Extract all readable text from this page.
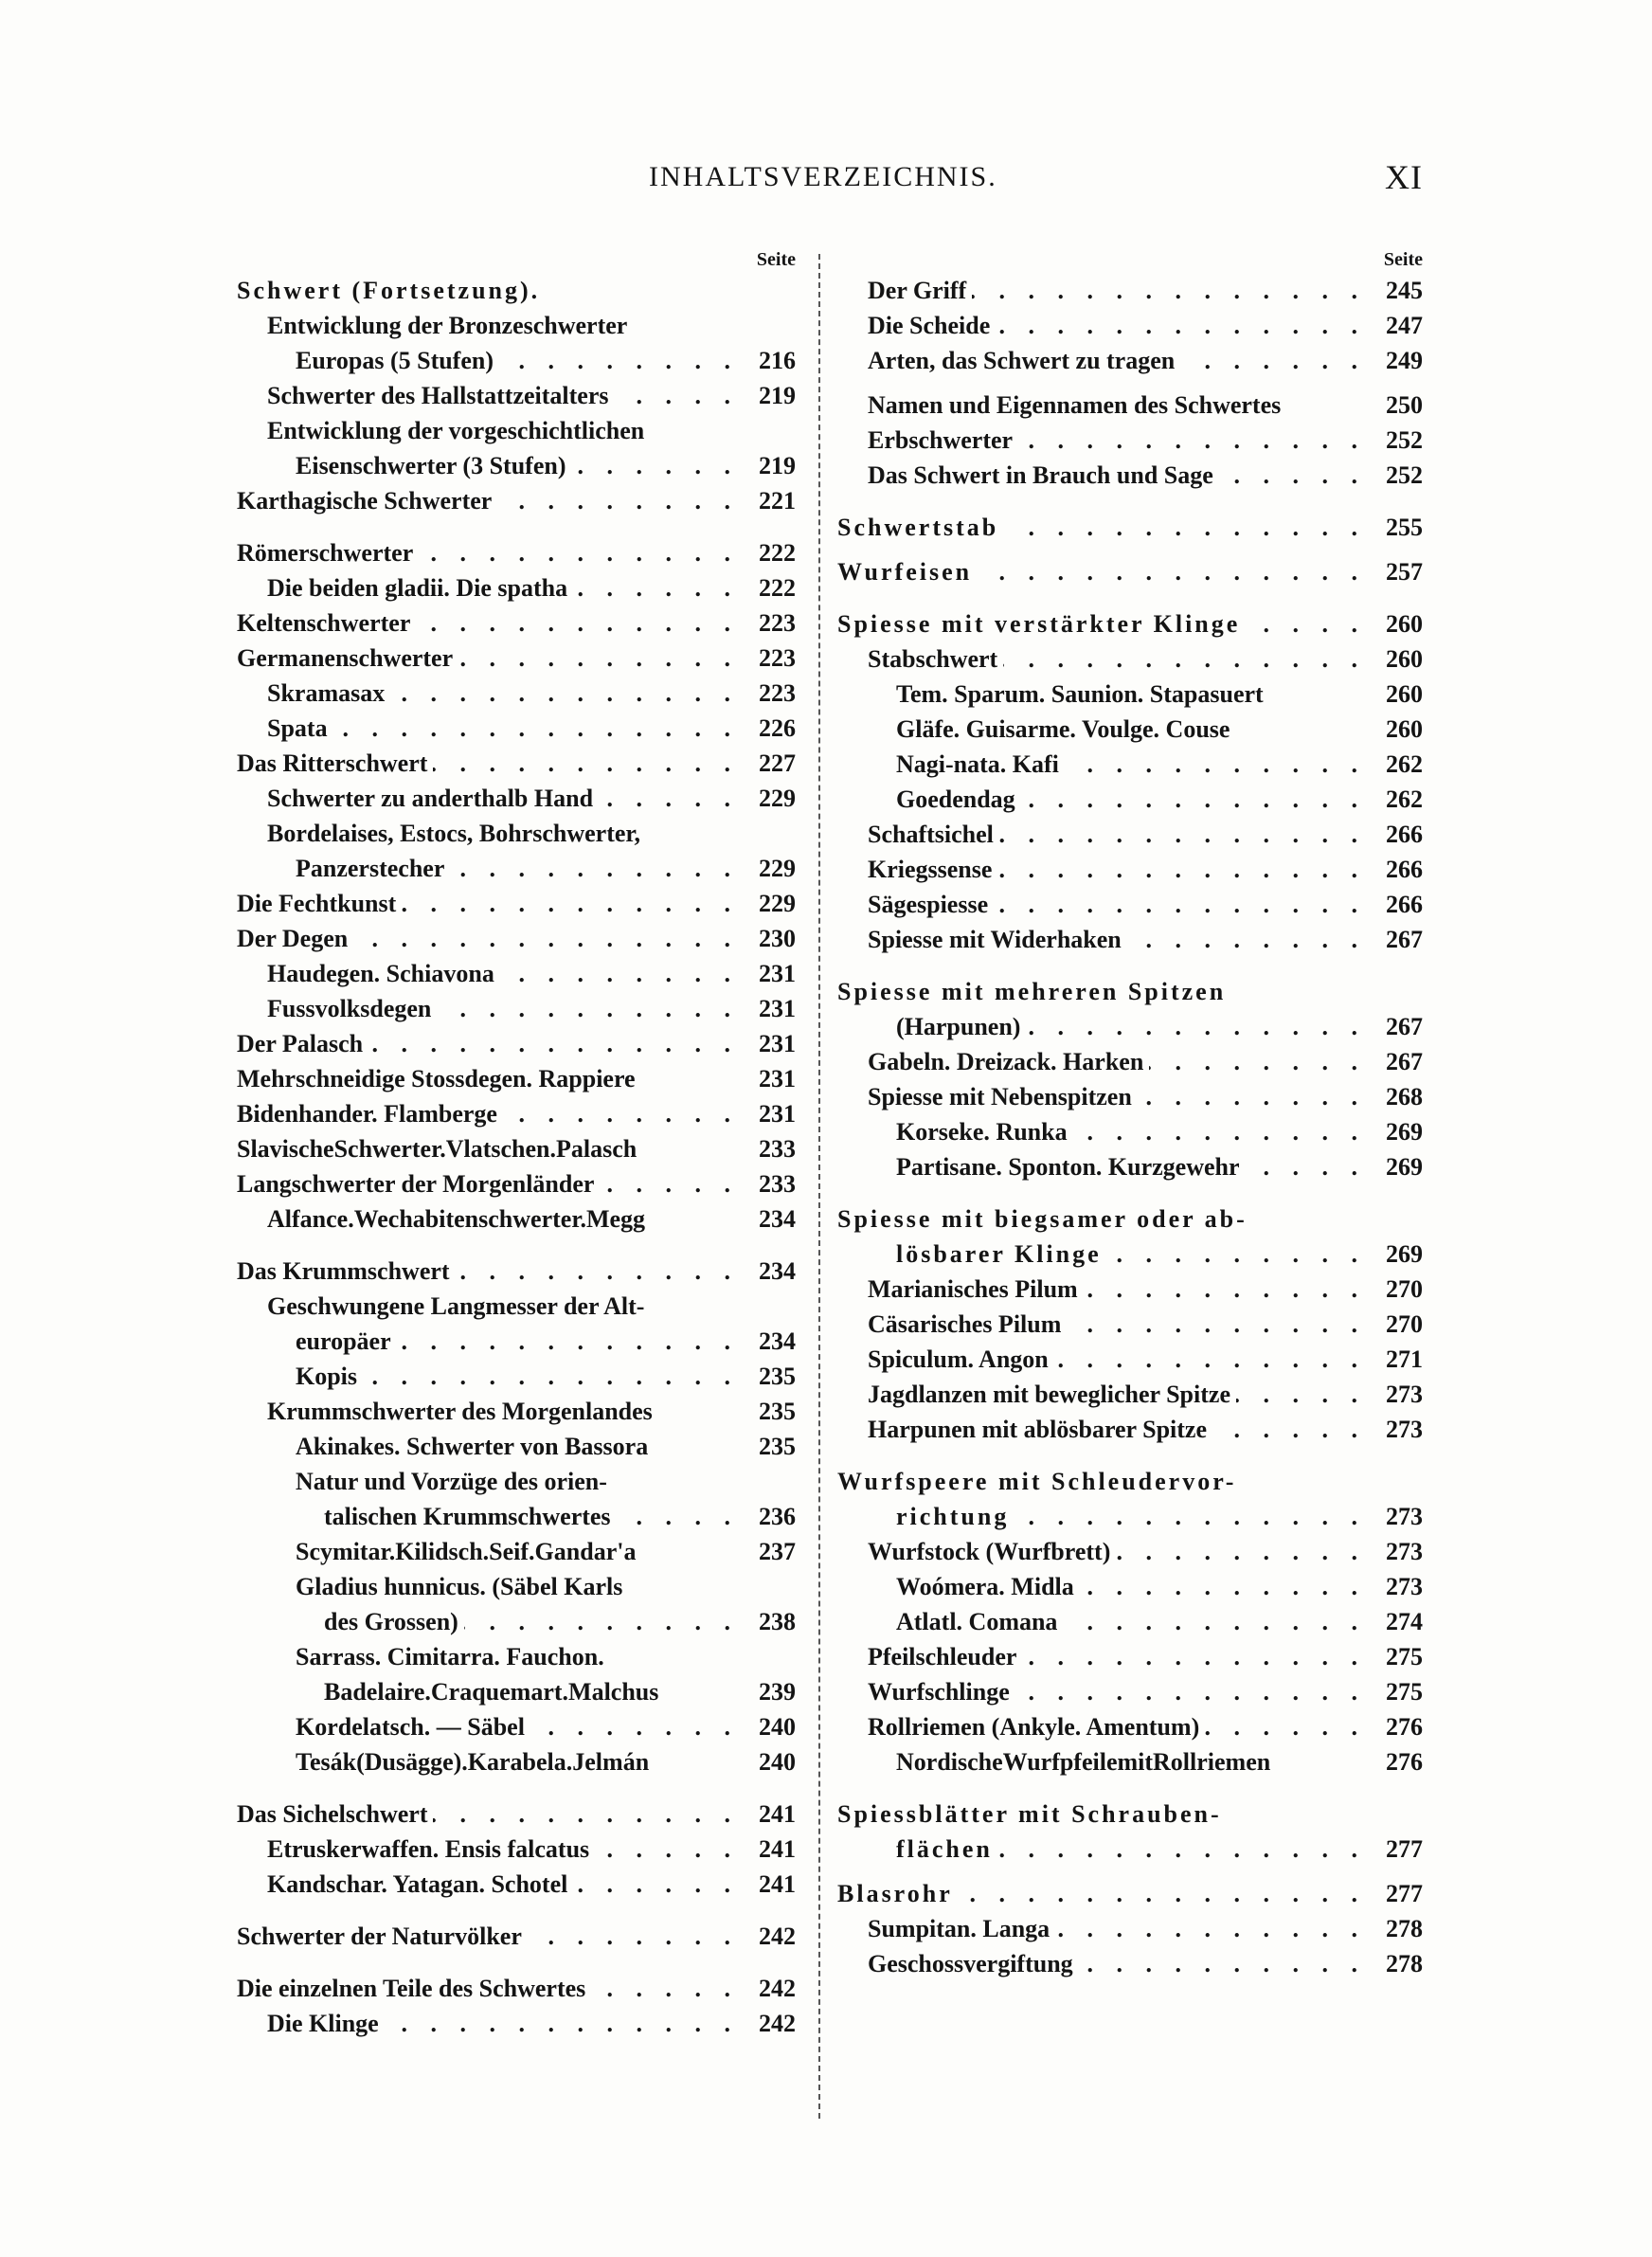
INHALTSVERZEICHNIS.	XI
Seite
Schwert (Fortsetzung).
Entwicklung der Bronzeschwerter
Europas (5 Stufen) . . .	216
Schwerter des Hallstattzeitalters . . .	219
Entwicklung der vorgeschichtlichen
Eisenschwerter (3 Stufen) . . .	219
Karthagische Schwerter . . .	221
Römerschwerter . . .	222
Die beiden gladii. Die spatha . . .	222
Keltenschwerter . . .	223
Germanenschwerter . . .	223
Skramasax . . .	223
Spata . . .	226
Das Ritterschwert . . .	227
Schwerter zu anderthalb Hand . . .	229
Bordelaises, Estocs, Bohrschwerter,
Panzerstecher . . .	229
Die Fechtkunst . . .	229
Der Degen . . .	230
Haudegen. Schiavona . . .	231
Fussvolksdegen . . .	231
Der Palasch . . .	231
Mehrschneidige Stossdegen. Rappiere	231
Bidenhander. Flamberge . . .	231
SlavischeSchwerter.Vlatschen.Palasch	233
Langschwerter der Morgenländer . . .	233
Alfance.Wechabitenschwerter.Megg	234
Das Krummschwert . . .	234
Geschwungene Langmesser der Alt-
europäer . . .	234
Kopis . . .	235
Krummschwerter des Morgenlandes	235
Akinakes. Schwerter von Bassora	235
Natur und Vorzüge des orien-
talischen Krummschwertes . . .	236
Scymitar.Kilidsch.Seif.Gandar'a	237
Gladius hunnicus. (Säbel Karls
des Grossen) . . .	238
Sarrass. Cimitarra. Fauchon.
Badelaire.Craquemart.Malchus	239
Kordelatsch. — Säbel . . .	240
Tesák(Dusägge).Karabela.Jelmán	240
Das Sichelschwert . . .	241
Etruskerwaffen. Ensis falcatus . . .	241
Kandschar. Yatagan. Schotel . . .	241
Schwerter der Naturvölker . . .	242
Die einzelnen Teile des Schwertes . . .	242
Die Klinge . . .	242
Seite
Der Griff . . .	245
Die Scheide . . .	247
Arten, das Schwert zu tragen . . .	249
Namen und Eigennamen des Schwertes	250
Erbschwerter . . .	252
Das Schwert in Brauch und Sage . . .	252
Schwertstab . . .	255
Wurfeisen . . .	257
Spiesse mit verstärkter Klinge . . .	260
Stabschwert . . .	260
Tem. Sparum. Saunion. Stapasuert	260
Gläfe. Guisarme. Voulge. Couse	260
Nagi-nata. Kafi . . .	262
Goedendag . . .	262
Schaftsichel . . .	266
Kriegssense . . .	266
Sägespiesse . . .	266
Spiesse mit Widerhaken . . .	267
Spiesse mit mehreren Spitzen
(Harpunen) . . .	267
Gabeln. Dreizack. Harken . . .	267
Spiesse mit Nebenspitzen . . .	268
Korseke. Runka . . .	269
Partisane. Sponton. Kurzgewehr . . .	269
Spiesse mit biegsamer oder ab-
lösbarer Klinge . . .	269
Marianisches Pilum . . .	270
Cäsarisches Pilum . . .	270
Spiculum. Angon . . .	271
Jagdlanzen mit beweglicher Spitze . . .	273
Harpunen mit ablösbarer Spitze . . .	273
Wurfspeere mit Schleudervor-
richtung . . .	273
Wurfstock (Wurfbrett) . . .	273
Woómera. Midla . . .	273
Atlatl. Comana . . .	274
Pfeilschleuder . . .	275
Wurfschlinge . . .	275
Rollriemen (Ankyle. Amentum) . . .	276
NordischeWurfpfeilemitRollriemen	276
Spiessblätter mit Schrauben-
flächen . . .	277
Blasrohr . . .	277
Sumpitan. Langa . . .	278
Geschossvergiftung . . .	278
